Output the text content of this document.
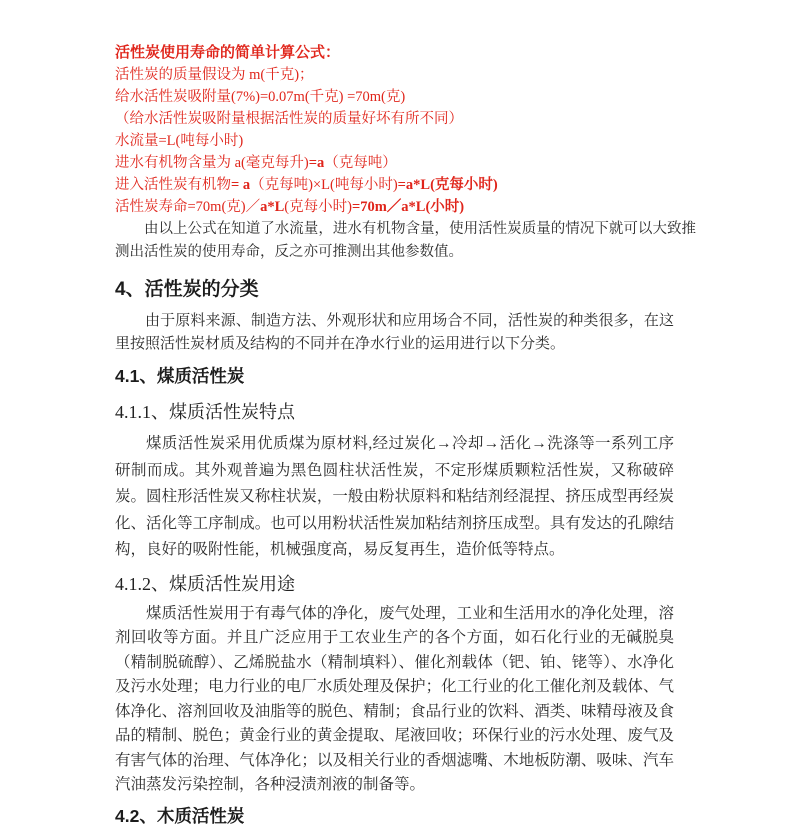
活性炭使用寿命的简单计算公式：

活性炭的质量假设为 m(千克)；

给水活性炭吸附量(7%)=0.07m(千克) =70m(克)

（给水活性炭吸附量根据活性炭的质量好坏有所不同）

水流量=L(吨每小时)

进水有机物含量为 a(毫克每升)=a（克每吨）

进入活性炭有机物= a（克每吨)×L(吨每小时)=a*L(克每小时)

活性炭寿命=70m(克)／a*L(克每小时)=70m／a*L(小时)

由以上公式在知道了水流量，进水有机物含量，使用活性炭质量的情况下就可以大致推测出活性炭的使用寿命，反之亦可推测出其他参数值。

4、活性炭的分类

由于原料来源、制造方法、外观形状和应用场合不同，活性炭的种类很多，在这里按照活性炭材质及结构的不同并在净水行业的运用进行以下分类。

4.1、煤质活性炭
4.1.1、煤质活性炭特点

煤质活性炭采用优质煤为原材料,经过炭化→冷却→活化→洗涤等一系列工序研制而成。其外观普遍为黑色圆柱状活性炭，不定形煤质颗粒活性炭，又称破碎炭。圆柱形活性炭又称柱状炭，一般由粉状原料和粘结剂经混捏、挤压成型再经炭化、活化等工序制成。也可以用粉状活性炭加粘结剂挤压成型。具有发达的孔隙结构，良好的吸附性能，机械强度高，易反复再生，造价低等特点。

4.1.2、煤质活性炭用途

煤质活性炭用于有毒气体的净化，废气处理，工业和生活用水的净化处理，溶剂回收等方面。并且广泛应用于工农业生产的各个方面，如石化行业的无碱脱臭（精制脱硫醇）、乙烯脱盐水（精制填料）、催化剂载体（钯、铂、铑等）、水净化及污水处理；电力行业的电厂水质处理及保护；化工行业的化工催化剂及载体、气体净化、溶剂回收及油脂等的脱色、精制；食品行业的饮料、酒类、味精母液及食品的精制、脱色；黄金行业的黄金提取、尾液回收；环保行业的污水处理、废气及有害气体的治理、气体净化；以及相关行业的香烟滤嘴、木地板防潮、吸味、汽车汽油蒸发污染控制，各种浸渍剂液的制备等。

4.2、木质活性炭
